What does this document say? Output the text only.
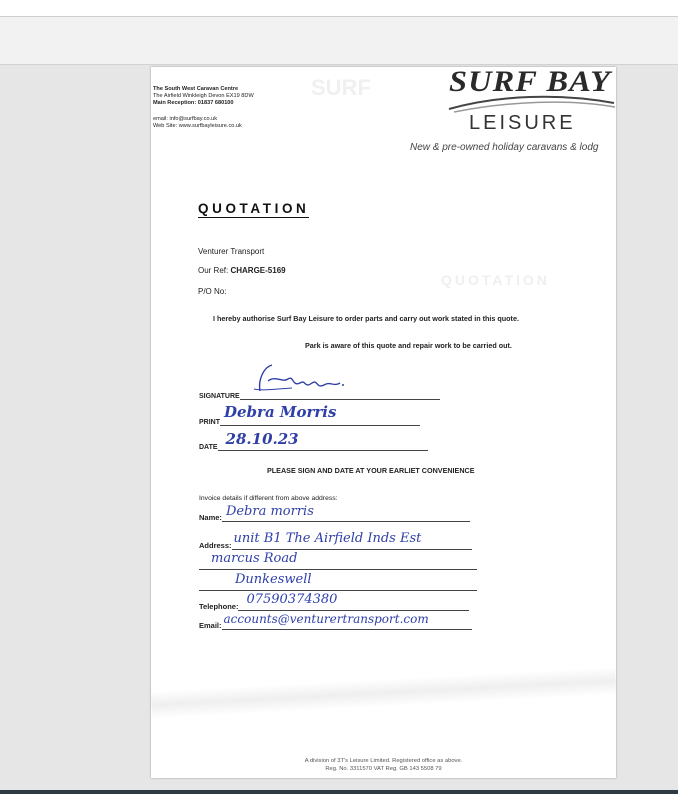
SURF
QUOTATION
The South West Caravan Centre
The Airfield Winkleigh Devon EX19 8DW
Main Reception: 01837 680100
email: info@surfbay.co.uk
Web Site: www.surfbayleisure.co.uk
SURF BAY
LEISURE
New & pre-owned holiday caravans & lodg
QUOTATION
Venturer Transport
Our Ref: CHARGE-5169
P/O No:
I hereby authorise Surf Bay Leisure to order parts and carry out work stated in this quote.
Park is aware of this quote and repair work to be carried out.
SIGNATURE
PRINT
Debra Morris
DATE 28.10.23
PLEASE SIGN AND DATE AT YOUR EARLIET CONVENIENCE
Invoice details if different from above address:
Name: Debra morris
Address: unit B1 The Airfield Inds Est
marcus Road
Dunkeswell
Telephone: 07590374380
Email: accounts@venturertransport.com
A division of 3T's Leisure Limited. Registered office as above.
Reg. No. 3311570 VAT Reg. GB 143 5508 79
